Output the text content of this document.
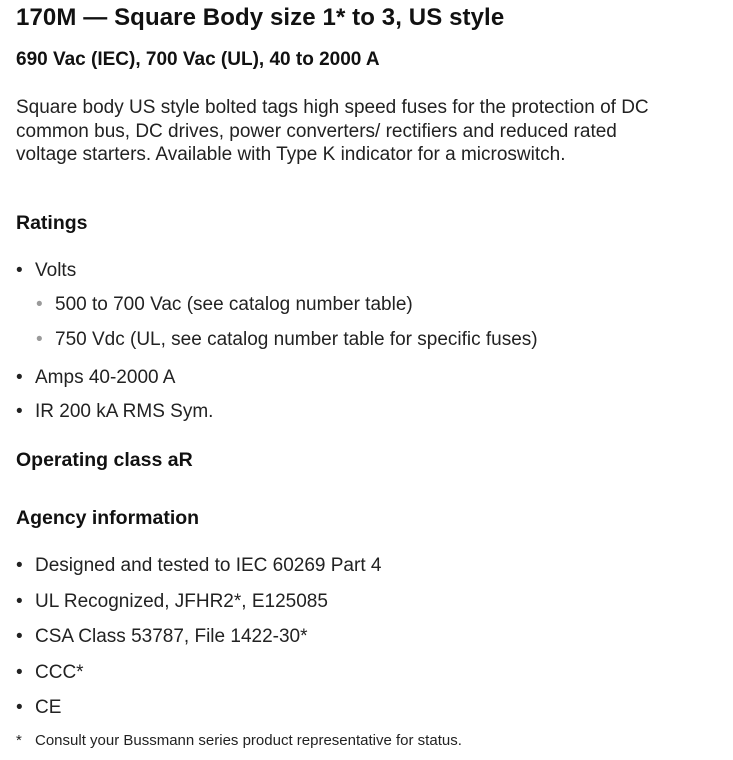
170M — Square Body size 1* to 3, US style
690 Vac (IEC), 700 Vac (UL), 40 to 2000 A
Square body US style bolted tags high speed fuses for the protection of DC common bus, DC drives, power converters/ rectifiers and reduced rated voltage starters. Available with Type K indicator for a microswitch.
Ratings
• Volts
• 500 to 700 Vac (see catalog number table)
• 750 Vdc (UL, see catalog number table for specific fuses)
• Amps 40-2000 A
• IR 200 kA RMS Sym.
Operating class aR
Agency information
• Designed and tested to IEC 60269 Part 4
• UL Recognized, JFHR2*, E125085
• CSA Class 53787, File 1422-30*
• CCC*
• CE
* Consult your Bussmann series product representative for status.
